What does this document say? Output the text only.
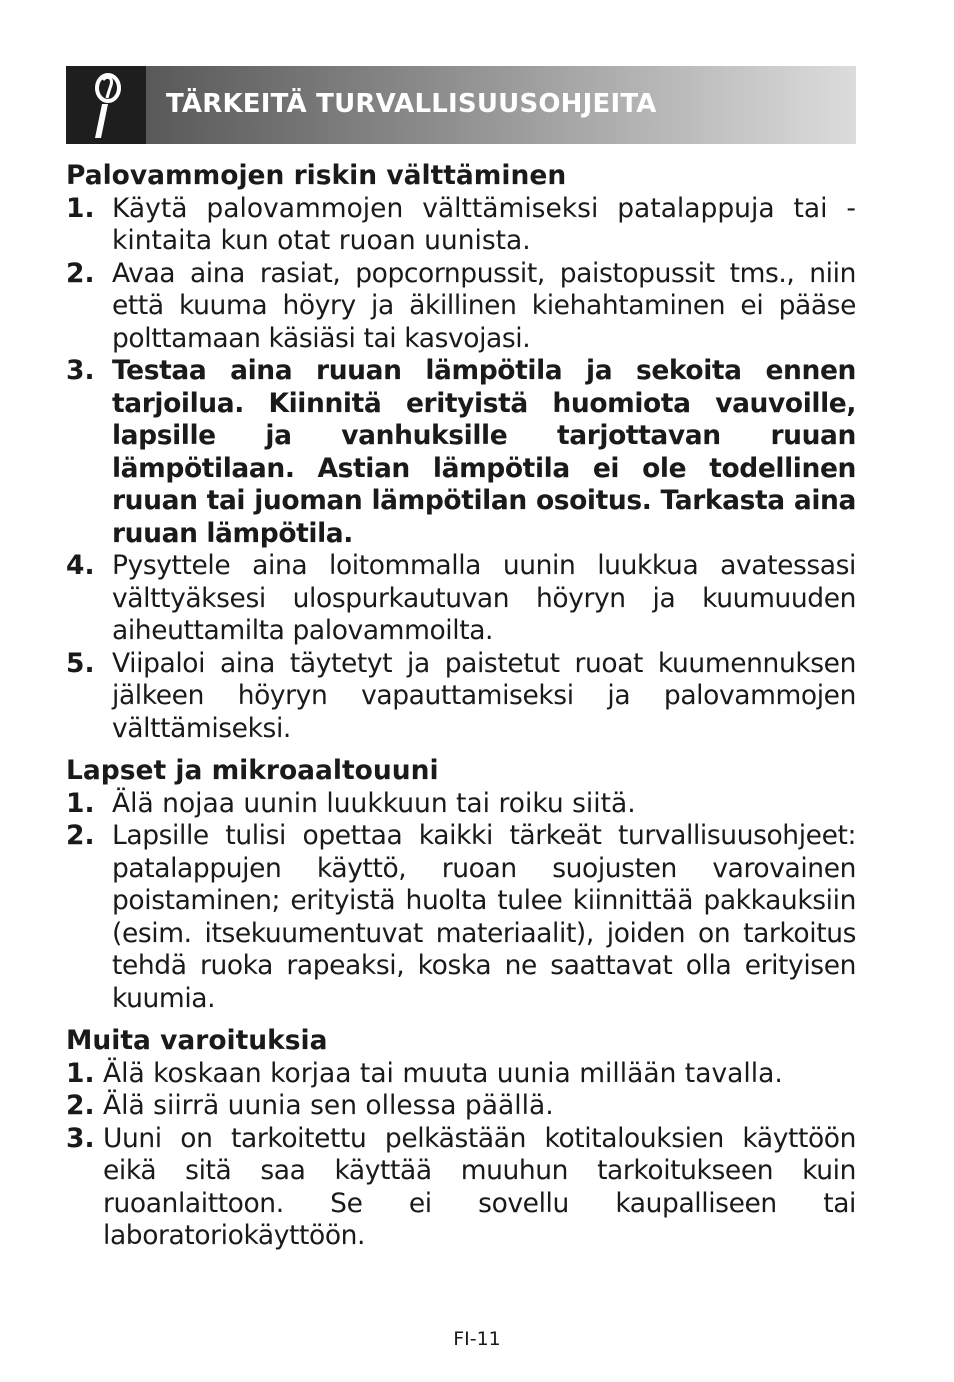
TÄRKEITÄ TURVALLISUUSOHJEITA
Palovammojen riskin välttäminen
1. Käytä palovammojen välttämiseksi patalappuja tai -kintaita kun otat ruoan uunista.
2. Avaa aina rasiat, popcornpussit, paistopussit tms., niin että kuuma höyry ja äkillinen kiehahtaminen ei pääse polttamaan käsiäsi tai kasvojasi.
3. Testaa aina ruuan lämpötila ja sekoita ennen tarjoilua. Kiinnitä erityistä huomiota vauvoille, lapsille ja vanhuksille tarjottavan ruuan lämpötilaan. Astian lämpötila ei ole todellinen ruuan tai juoman lämpötilan osoitus. Tarkasta aina ruuan lämpötila.
4. Pysyttele aina loitommalla uunin luukkua avatessasi välttyäksesi ulospurkautuvan höyryn ja kuumuuden aiheuttamilta palovammoilta.
5. Viipaloi aina täytetyt ja paistetut ruoat kuumennuksen jälkeen höyryn vapauttamiseksi ja palovammojen välttämiseksi.
Lapset ja mikroaaltouuni
1. Älä nojaa uunin luukkuun tai roiku siitä.
2. Lapsille tulisi opettaa kaikki tärkeät turvallisuusohjeet: patalappujen käyttö, ruoan suojusten varovainen poistaminen; erityistä huolta tulee kiinnittää pakkauksiin (esim. itsekuumentuvat materiaalit), joiden on tarkoitus tehdä ruoka rapeaksi, koska ne saattavat olla erityisen kuumia.
Muita varoituksia
1. Älä koskaan korjaa tai muuta uunia millään tavalla.
2. Älä siirrä uunia sen ollessa päällä.
3. Uuni on tarkoitettu pelkästään kotitalouksien käyttöön eikä sitä saa käyttää muuhun tarkoitukseen kuin ruoanlaittoon. Se ei sovellu kaupalliseen tai laboratoriokäyttöön.
FI-11
